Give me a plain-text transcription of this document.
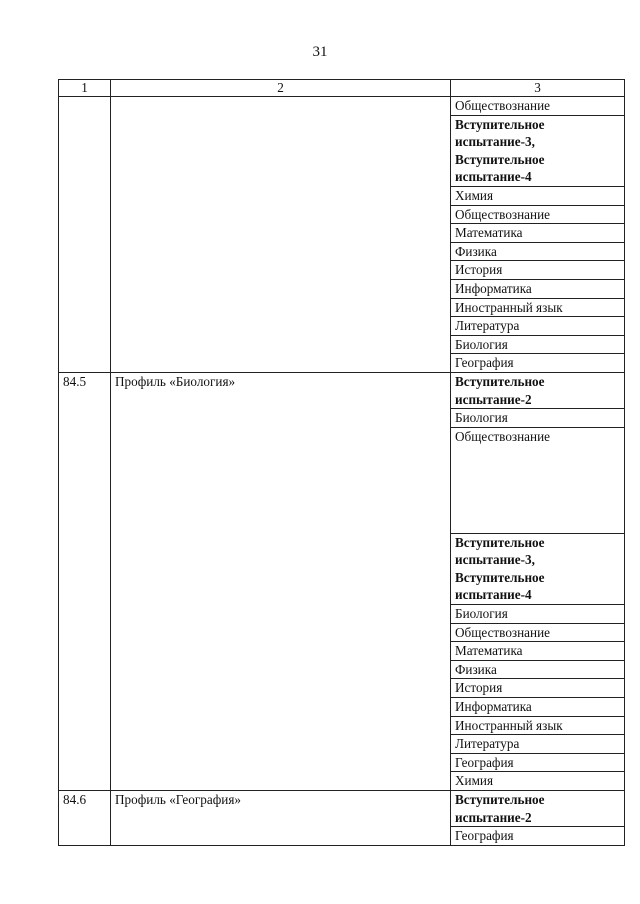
31
1	2	3
		Обществознание
		Вступительное испытание-3, Вступительное испытание-4
		Химия
		Обществознание
		Математика
		Физика
		История
		Информатика
		Иностранный язык
		Литература
		Биология
		География
84.5	Профиль «Биология»	Вступительное испытание-2
		Биология
		Обществознание
		Вступительное испытание-3, Вступительное испытание-4
		Биология
		Обществознание
		Математика
		Физика
		История
		Информатика
		Иностранный язык
		Литература
		География
		Химия
84.6	Профиль «География»	Вступительное испытание-2
		География
